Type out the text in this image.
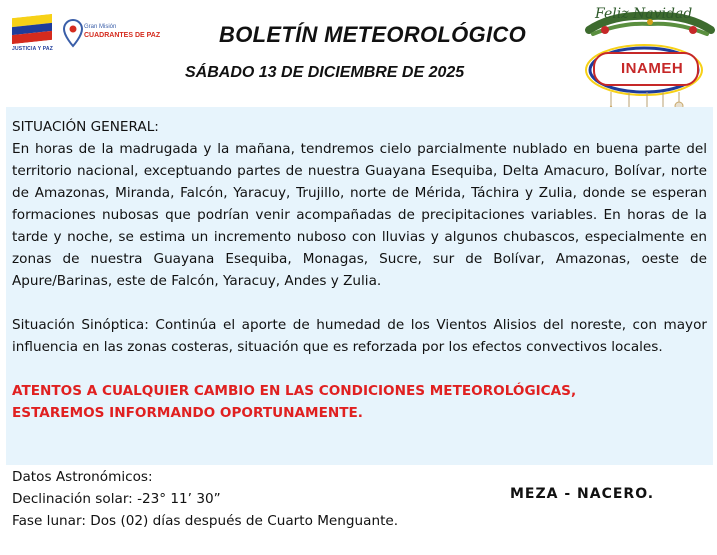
JUSTICIA Y PAZ
Gran Misión
CUADRANTES DE PAZ	BOLETÍN METEOROLÓGICO
SÁBADO 13 DE DICIEMBRE DE 2025
Feliz Navidad
INAMEH

SITUACIÓN GENERAL:

En horas de la madrugada y la mañana, tendremos cielo parcialmente nublado en buena parte del territorio nacional, exceptuando partes de nuestra Guayana Esequiba, Delta Amacuro, Bolívar, norte de Amazonas, Miranda, Falcón, Yaracuy, Trujillo, norte de Mérida, Táchira y Zulia, donde se esperan formaciones nubosas que podrían venir acompañadas de precipitaciones variables. En horas de la tarde y noche, se estima un incremento nuboso con lluvias y algunos chubascos, especialmente en zonas de nuestra Guayana Esequiba, Monagas, Sucre, sur de Bolívar, Amazonas, oeste de Apure/Barinas, este de Falcón, Yaracuy, Andes y Zulia.

Situación Sinóptica: Continúa el aporte de humedad de los Vientos Alisios del noreste, con mayor influencia en las zonas costeras, situación que es reforzada por los efectos convectivos locales.

ATENTOS A CUALQUIER CAMBIO EN LAS CONDICIONES METEOROLÓGICAS,

ESTAREMOS INFORMANDO OPORTUNAMENTE.

Datos Astronómicos:
Declinación solar: -23° 11’ 30”
Fase lunar: Dos (02) días después de Cuarto Menguante.
MEZA - NACERO.
